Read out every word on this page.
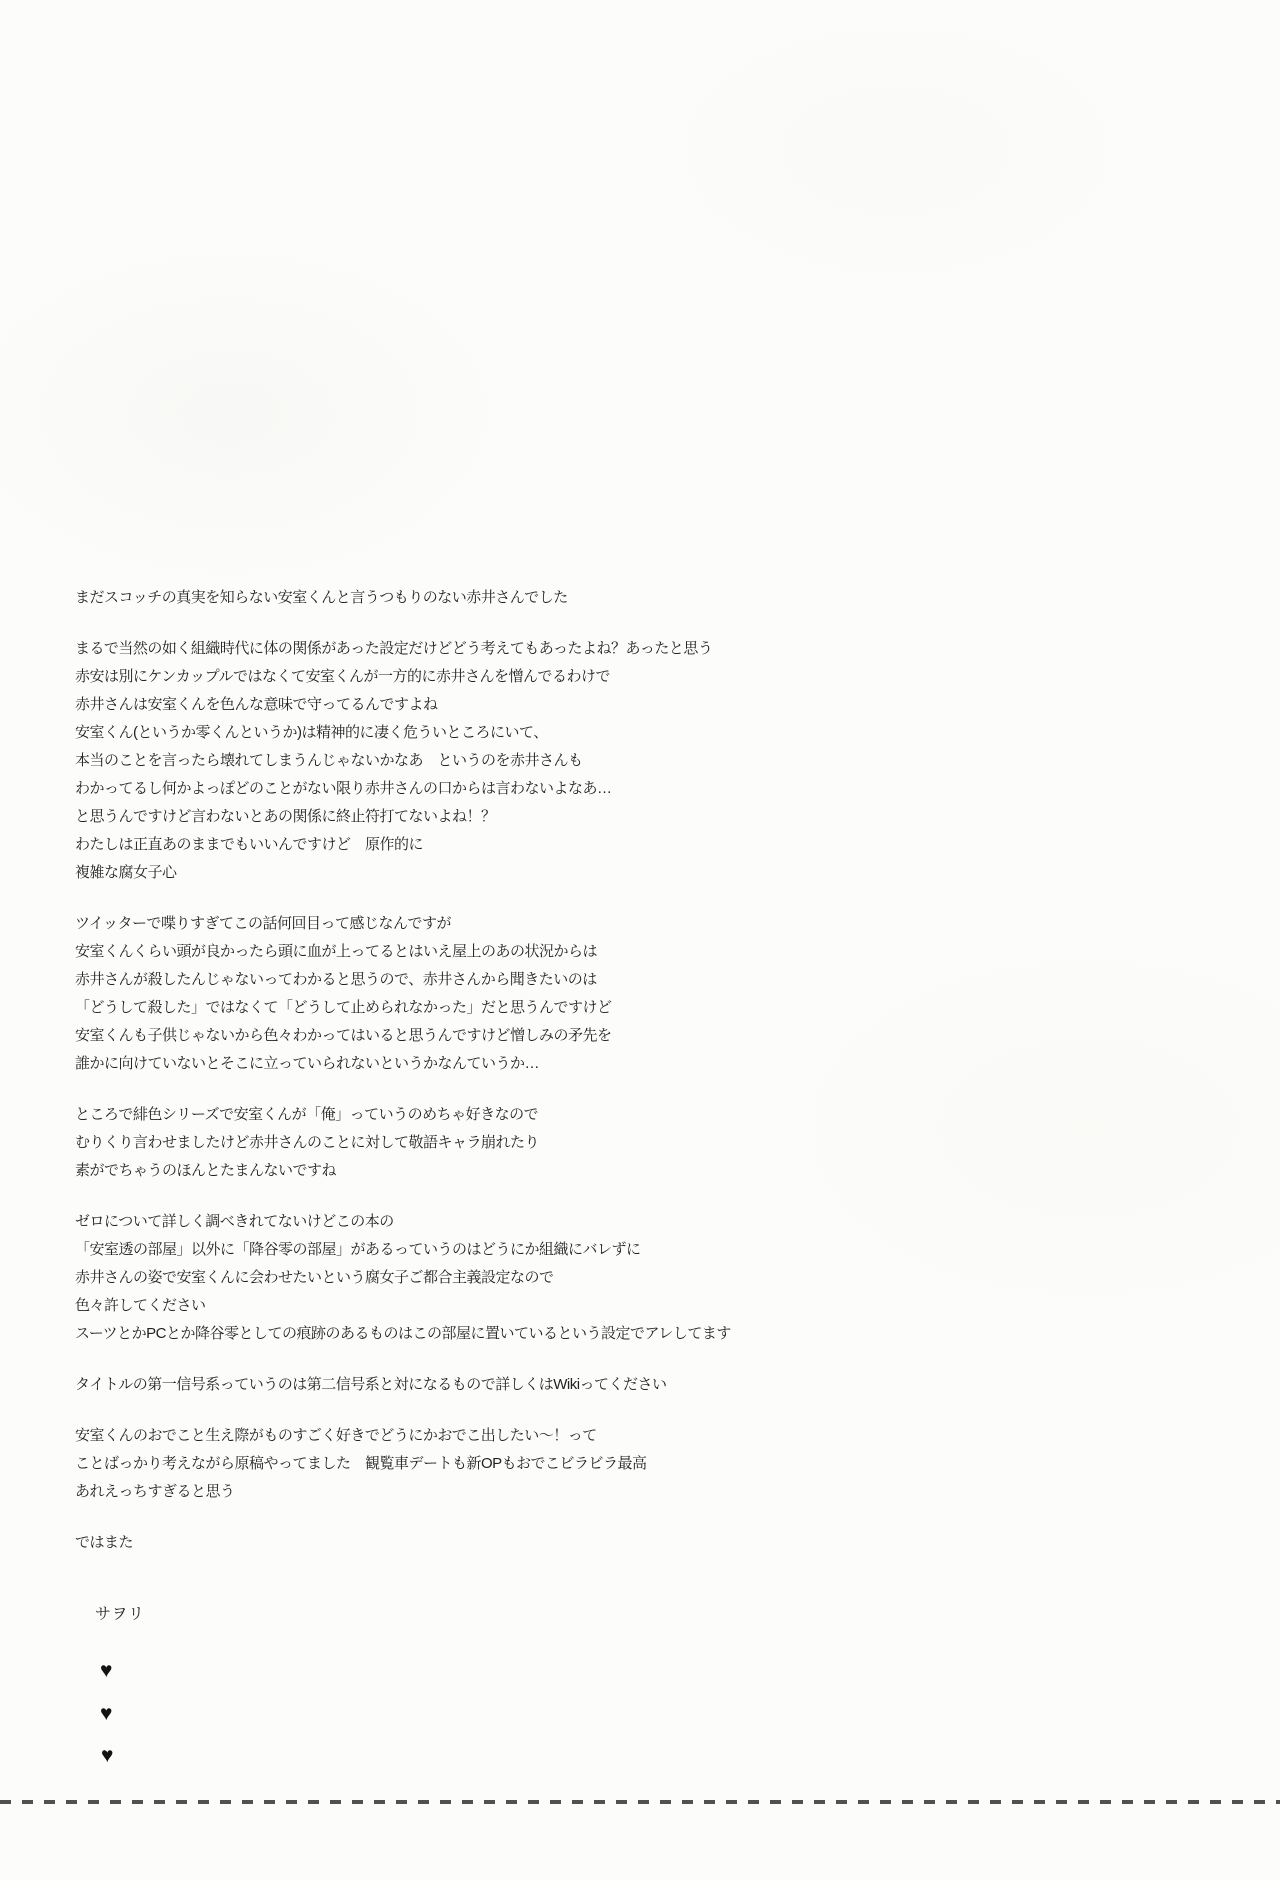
まだスコッチの真実を知らない安室くんと言うつもりのない赤井さんでした
まるで当然の如く組織時代に体の関係があった設定だけどどう考えてもあったよね？あったと思う
赤安は別にケンカップルではなくて安室くんが一方的に赤井さんを憎んでるわけで
赤井さんは安室くんを色んな意味で守ってるんですよね
安室くん(というか零くんというか)は精神的に凄く危ういところにいて、
本当のことを言ったら壊れてしまうんじゃないかなあ　というのを赤井さんも
わかってるし何かよっぽどのことがない限り赤井さんの口からは言わないよなあ…
と思うんですけど言わないとあの関係に終止符打てないよね！？
わたしは正直あのままでもいいんですけど　原作的に
複雑な腐女子心
ツイッターで喋りすぎてこの話何回目って感じなんですが
安室くんくらい頭が良かったら頭に血が上ってるとはいえ屋上のあの状況からは
赤井さんが殺したんじゃないってわかると思うので、赤井さんから聞きたいのは
「どうして殺した」ではなくて「どうして止められなかった」だと思うんですけど
安室くんも子供じゃないから色々わかってはいると思うんですけど憎しみの矛先を
誰かに向けていないとそこに立っていられないというかなんていうか…
ところで緋色シリーズで安室くんが「俺」っていうのめちゃ好きなので
むりくり言わせましたけど赤井さんのことに対して敬語キャラ崩れたり
素がでちゃうのほんとたまんないですね
ゼロについて詳しく調べきれてないけどこの本の
「安室透の部屋」以外に「降谷零の部屋」があるっていうのはどうにか組織にバレずに
赤井さんの姿で安室くんに会わせたいという腐女子ご都合主義設定なので
色々許してください
スーツとかPCとか降谷零としての痕跡のあるものはこの部屋に置いているという設定でアレしてます
タイトルの第一信号系っていうのは第二信号系と対になるもので詳しくはWikiってください
安室くんのおでこと生え際がものすごく好きでどうにかおでこ出したい〜！って
ことばっかり考えながら原稿やってました　観覧車デートも新OPもおでこビラビラ最高
あれえっちすぎると思う
ではまた
サヲリ
♥
♥
♥
